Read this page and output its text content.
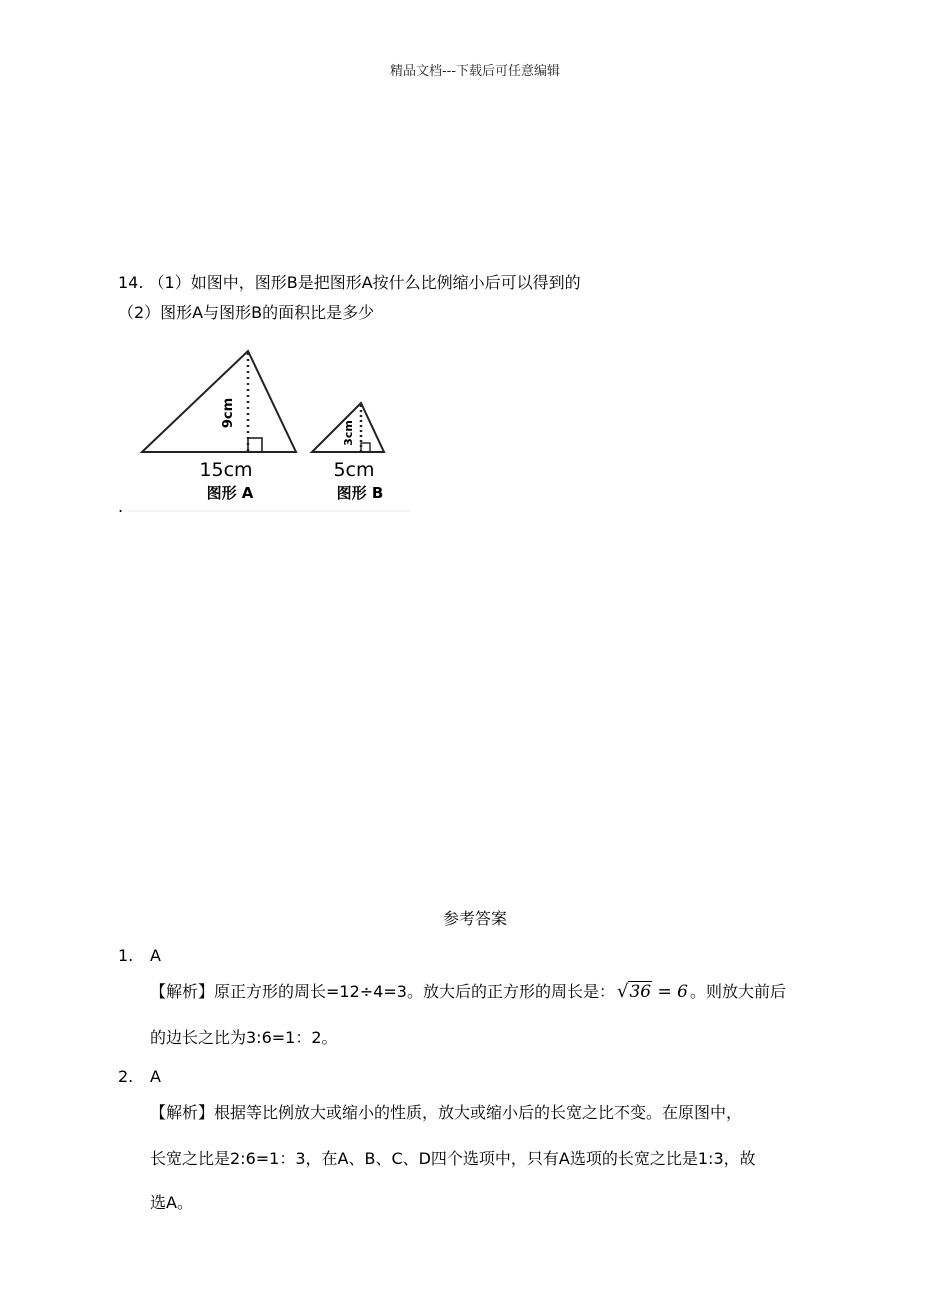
精品文档---下载后可任意编辑
14. （1）如图中，图形B是把图形A按什么比例缩小后可以得到的
（2）图形A与图形B的面积比是多少
9cm
15cm
图形 A
3cm
5cm
图形 B
.
参考答案
1. A
【解析】原正方形的周长=12÷4=3。放大后的正方形的周长是： √36 = 6 。则放大前后
的边长之比为3:6=1：2。
2. A
【解析】根据等比例放大或缩小的性质，放大或缩小后的长宽之比不变。在原图中，
长宽之比是2:6=1：3，在A、B、C、D四个选项中，只有A选项的长宽之比是1:3，故
选A。
